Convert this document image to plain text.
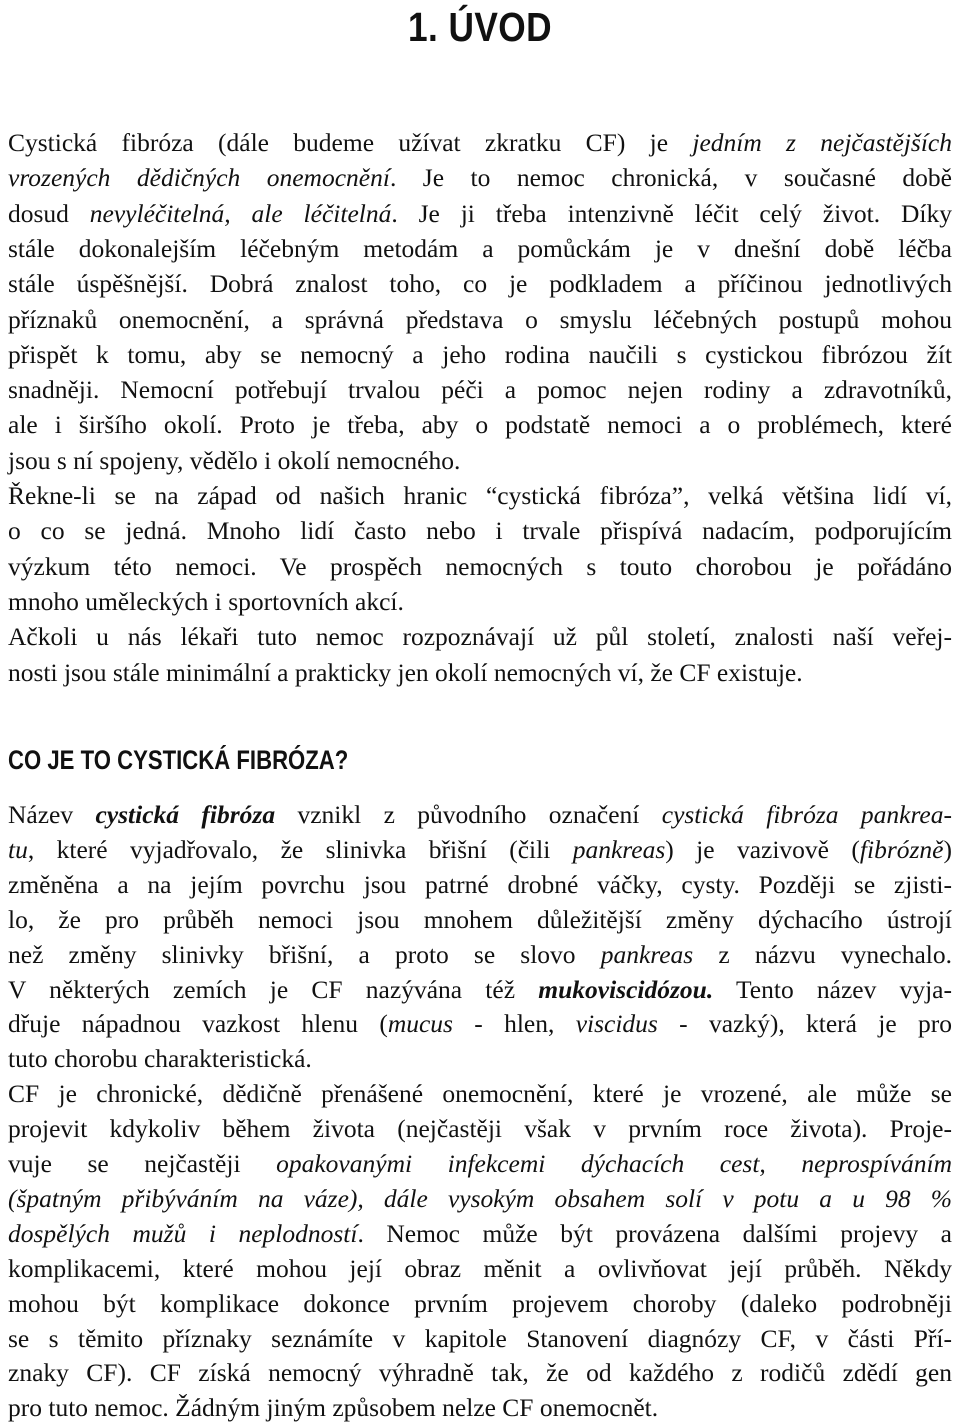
1. ÚVOD
Cystická fibróza (dále budeme užívat zkratku CF) je jedním z nejčastějších
vrozených dědičných onemocnění. Je to nemoc chronická, v současné době
dosud nevyléčitelná, ale léčitelná. Je ji třeba intenzivně léčit celý život. Díky
stále dokonalejším léčebným metodám a pomůckám je v dnešní době léčba
stále úspěšnější. Dobrá znalost toho, co je podkladem a příčinou jednotlivých
příznaků onemocnění, a správná představa o smyslu léčebných postupů mohou
přispět k tomu, aby se nemocný a jeho rodina naučili s cystickou fibrózou žít
snadněji. Nemocní potřebují trvalou péči a pomoc nejen rodiny a zdravotníků,
ale i širšího okolí. Proto je třeba, aby o podstatě nemoci a o problémech, které
jsou s ní spojeny, vědělo i okolí nemocného.
Řekne-li se na západ od našich hranic “cystická fibróza”, velká většina lidí ví,
o co se jedná. Mnoho lidí často nebo i trvale přispívá nadacím, podporujícím
výzkum této nemoci. Ve prospěch nemocných s touto chorobou je pořádáno
mnoho uměleckých i sportovních akcí.
Ačkoli u nás lékaři tuto nemoc rozpoznávají už půl století, znalosti naší veřej-
nosti jsou stále minimální a prakticky jen okolí nemocných ví, že CF existuje.
CO JE TO CYSTICKÁ FIBRÓZA?
Název cystická fibróza vznikl z původního označení cystická fibróza pankrea-
tu, které vyjadřovalo, že slinivka břišní (čili pankreas) je vazivově (fibrózně)
změněna a na jejím povrchu jsou patrné drobné váčky, cysty. Později se zjisti-
lo, že pro průběh nemoci jsou mnohem důležitější změny dýchacího ústrojí
než změny slinivky břišní, a proto se slovo pankreas z názvu vynechalo.
V některých zemích je CF nazývána též mukoviscidózou. Tento název vyja-
dřuje nápadnou vazkost hlenu (mucus - hlen, viscidus - vazký), která je pro
tuto chorobu charakteristická.
CF je chronické, dědičně přenášené onemocnění, které je vrozené, ale může se
projevit kdykoliv během života (nejčastěji však v prvním roce života). Proje-
vuje se nejčastěji opakovanými infekcemi dýchacích cest, neprospíváním
(špatným přibýváním na váze), dále vysokým obsahem solí v potu a u 98 %
dospělých mužů i neplodností. Nemoc může být provázena dalšími projevy a
komplikacemi, které mohou její obraz měnit a ovlivňovat její průběh. Někdy
mohou být komplikace dokonce prvním projevem choroby (daleko podrobněji
se s těmito příznaky seznámíte v kapitole Stanovení diagnózy CF, v části Pří-
znaky CF). CF získá nemocný výhradně tak, že od každého z rodičů zdědí gen
pro tuto nemoc. Žádným jiným způsobem nelze CF onemocnět.
